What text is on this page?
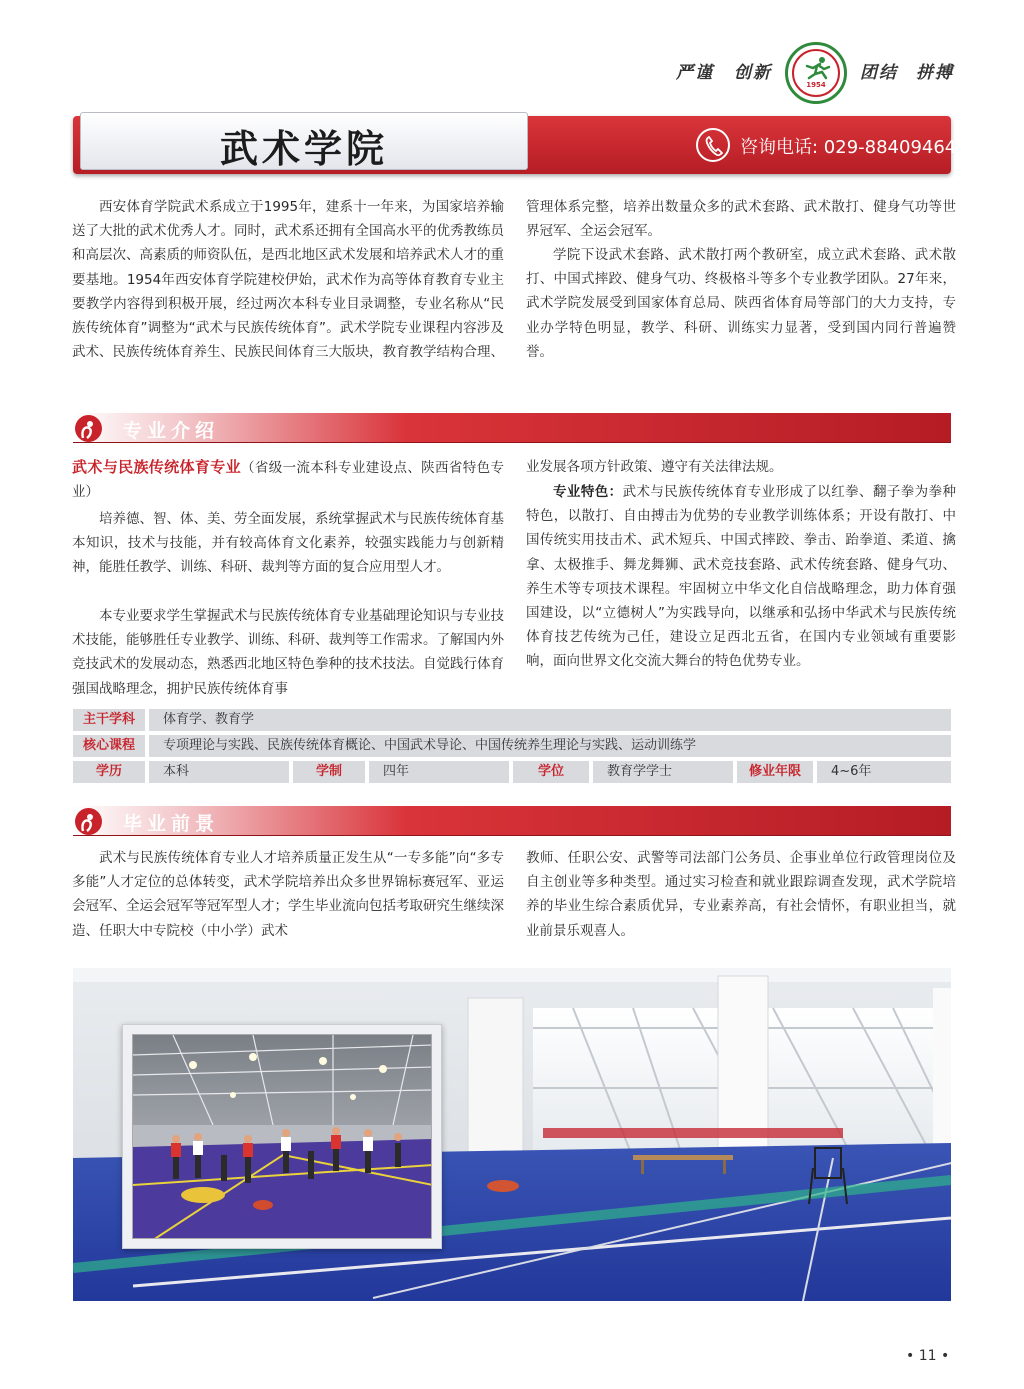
严谨 创新
1954
团结 拼搏
武术学院	咨询电话: 029-88409464

西安体育学院武术系成立于1995年，建系十一年来，为国家培养输送了大批的武术优秀人才。同时，武术系还拥有全国高水平的优秀教练员和高层次、高素质的师资队伍，是西北地区武术发展和培养武术人才的重要基地。1954年西安体育学院建校伊始，武术作为高等体育教育专业主要教学内容得到积极开展，经过两次本科专业目录调整，专业名称从“民族传统体育”调整为“武术与民族传统体育”。武术学院专业课程内容涉及武术、民族传统体育养生、民族民间体育三大版块，教育教学结构合理、

管理体系完整，培养出数量众多的武术套路、武术散打、健身气功等世界冠军、全运会冠军。

学院下设武术套路、武术散打两个教研室，成立武术套路、武术散打、中国式摔跤、健身气功、终极格斗等多个专业教学团队。27年来，武术学院发展受到国家体育总局、陕西省体育局等部门的大力支持，专业办学特色明显，教学、科研、训练实力显著，受到国内同行普遍赞誉。

专业介绍

武术与民族传统体育专业（省级一流本科专业建设点、陕西省特色专业）

培养德、智、体、美、劳全面发展，系统掌握武术与民族传统体育基本知识，技术与技能，并有较高体育文化素养，较强实践能力与创新精神，能胜任教学、训练、科研、裁判等方面的复合应用型人才。

本专业要求学生掌握武术与民族传统体育专业基础理论知识与专业技术技能，能够胜任专业教学、训练、科研、裁判等工作需求。了解国内外竞技武术的发展动态，熟悉西北地区特色拳种的技术技法。自觉践行体育强国战略理念，拥护民族传统体育事

业发展各项方针政策、遵守有关法律法规。

专业特色：武术与民族传统体育专业形成了以红拳、翻子拳为拳种特色，以散打、自由搏击为优势的专业教学训练体系；开设有散打、中国传统实用技击术、武术短兵、中国式摔跤、拳击、跆拳道、柔道、擒拿、太极推手、舞龙舞狮、武术竞技套路、武术传统套路、健身气功、养生术等专项技术课程。牢固树立中华文化自信战略理念，助力体育强国建设，以“立德树人”为实践导向，以继承和弘扬中华武术与民族传统体育技艺传统为己任，建设立足西北五省，在国内专业领域有重要影响，面向世界文化交流大舞台的特色优势专业。

主干学科	体育学、教育学
核心课程	专项理论与实践、民族传统体育概论、中国武术导论、中国传统养生理论与实践、运动训练学
学历	本科	学制	四年	学位	教育学学士	修业年限	4~6年
毕业前景

武术与民族传统体育专业人才培养质量正发生从“一专多能”向“多专多能”人才定位的总体转变，武术学院培养出众多世界锦标赛冠军、亚运会冠军、全运会冠军等冠军型人才；学生毕业流向包括考取研究生继续深造、任职大中专院校（中小学）武术

教师、任职公安、武警等司法部门公务员、企事业单位行政管理岗位及自主创业等多种类型。通过实习检查和就业跟踪调查发现，武术学院培养的毕业生综合素质优异，专业素养高，有社会情怀，有职业担当，就业前景乐观喜人。

• 11 •
